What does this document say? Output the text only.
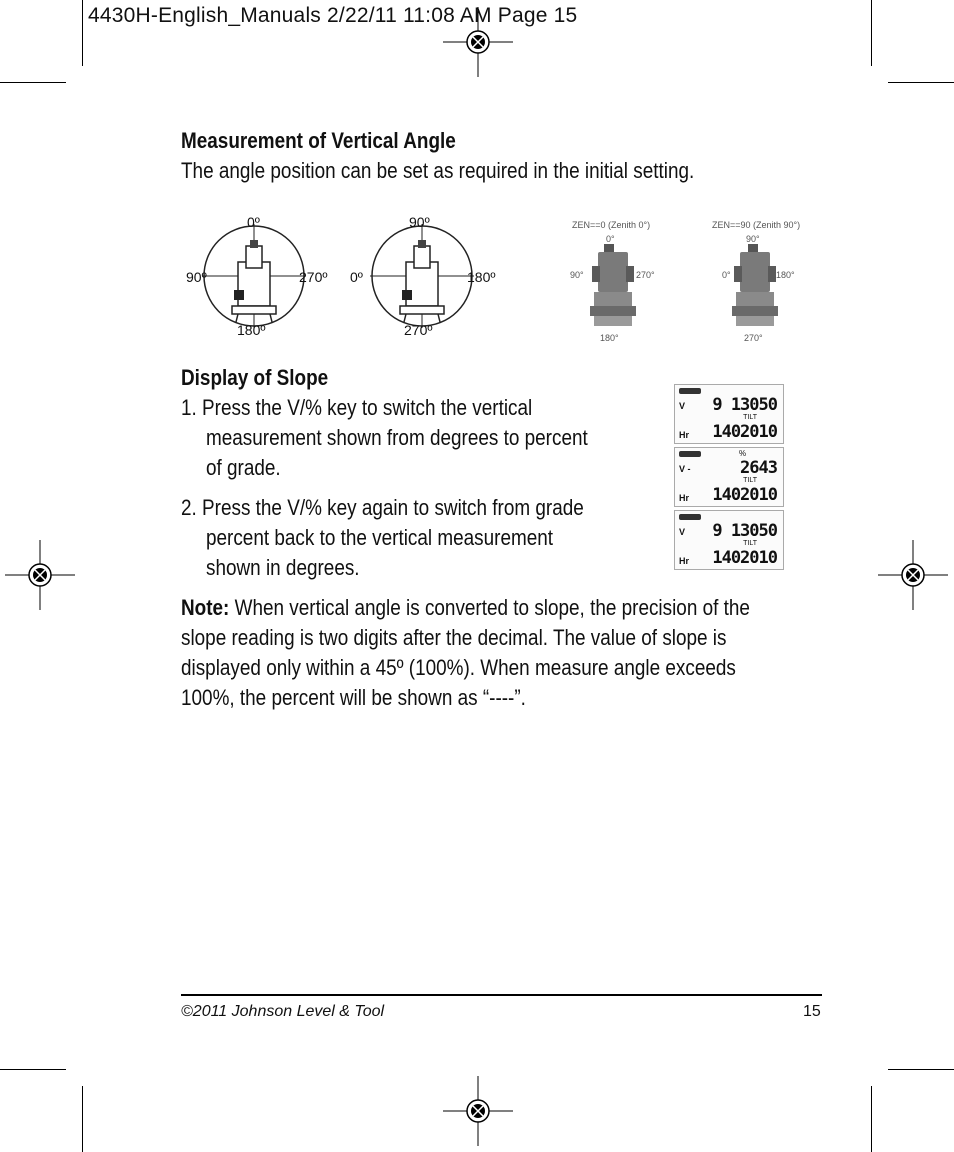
4430H-English_Manuals 2/22/11 11:08 AM Page 15
Measurement of Vertical Angle

The angle position can be set as required in the initial setting.
0º
90º	270º
180º
90º
0º	180º
270º
ZEN==0 (Zenith 0°)
0°
90°	270°
180°
ZEN==90 (Zenith 90°)
90°
0°	180°
270°
Display of Slope
1. Press the V/% key to switch the vertical
measurement shown from degrees to percent
of grade.
2. Press the V/% key again to switch from grade
percent back to the vertical measurement
shown in degrees.
V 9 13050
TILT
Hr 1402010
%
V -	2643
TILT
Hr 1402010
V 9 13050
TILT
Hr 1402010
Note: When vertical angle is converted to slope, the precision of the
slope reading is two digits after the decimal. The value of slope is
displayed only within a 45º (100%). When measure angle exceeds
100%, the percent will be shown as “----”.
©2011 Johnson Level & Tool	15
